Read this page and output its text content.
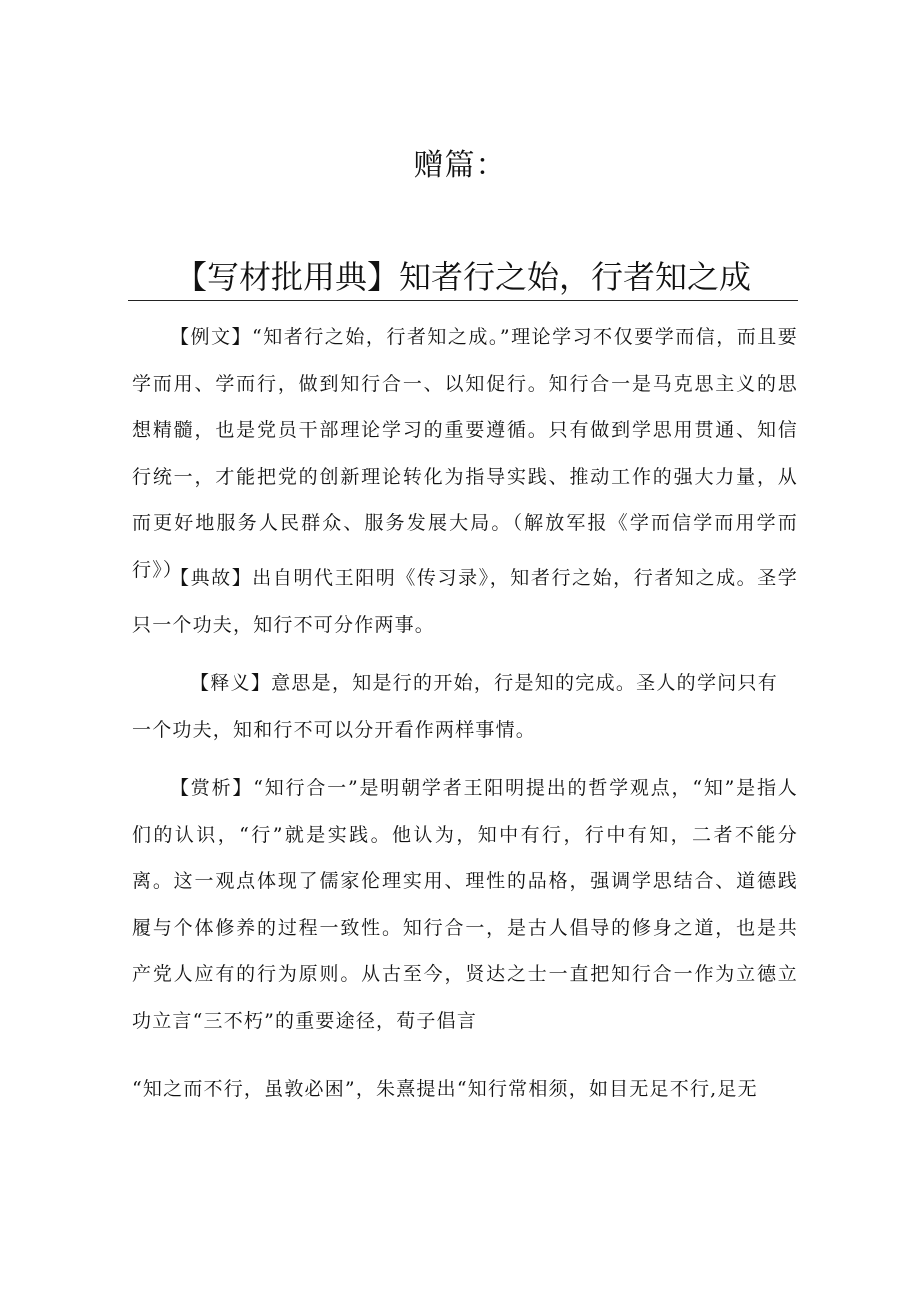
赠篇：
【写材批用典】知者行之始，行者知之成
【例文】“知者行之始，行者知之成。”理论学习不仅要学而信，而且要学而用、学而行，做到知行合一、以知促行。知行合一是马克思主义的思想精髓，也是党员干部理论学习的重要遵循。只有做到学思用贯通、知信行统一，才能把党的创新理论转化为指导实践、推动工作的强大力量，从而更好地服务人民群众、服务发展大局。（解放军报《学而信学而用学而行》）
【典故】出自明代王阳明《传习录》，知者行之始，行者知之成。圣学只一个功夫，知行不可分作两事。
【释义】意思是，知是行的开始，行是知的完成。圣人的学问只有一个功夫，知和行不可以分开看作两样事情。
【赏析】“知行合一”是明朝学者王阳明提出的哲学观点，“知”是指人们的认识，“行”就是实践。他认为，知中有行，行中有知，二者不能分离。这一观点体现了儒家伦理实用、理性的品格，强调学思结合、道德践履与个体修养的过程一致性。知行合一，是古人倡导的修身之道，也是共产党人应有的行为原则。从古至今，贤达之士一直把知行合一作为立德立功立言“三不朽”的重要途径，荀子倡言
“知之而不行，虽敦必困”，朱熹提出“知行常相须，如目无足不行,足无
